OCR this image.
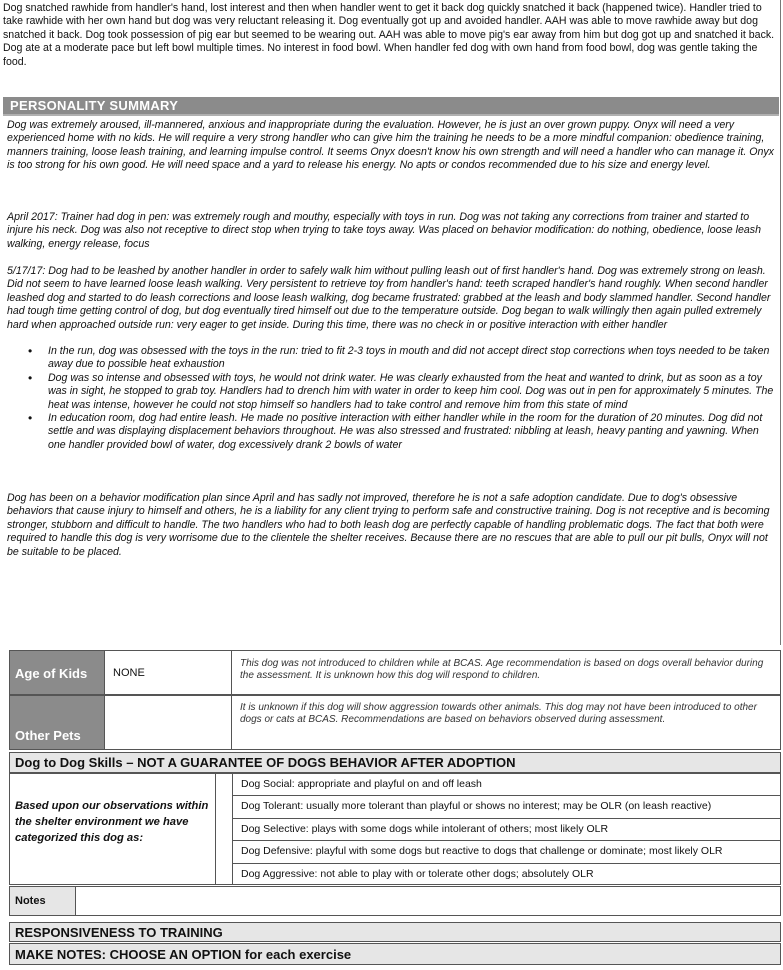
Dog snatched rawhide from handler's hand, lost interest and then when handler went to get it back dog quickly snatched it back (happened twice). Handler tried to take rawhide with her own hand but dog was very reluctant releasing it. Dog eventually got up and avoided handler. AAH was able to move rawhide away but dog snatched it back. Dog took possession of pig ear but seemed to be wearing out. AAH was able to move pig's ear away from him but dog got up and snatched it back. Dog ate at a moderate pace but left bowl multiple times. No interest in food bowl. When handler fed dog with own hand from food bowl, dog was gentle taking the food.
PERSONALITY SUMMARY
Dog was extremely aroused, ill-mannered, anxious and inappropriate during the evaluation. However, he is just an over grown puppy. Onyx will need a very experienced home with no kids. He will require a very strong handler who can give him the training he needs to be a more mindful companion: obedience training, manners training, loose leash training, and learning impulse control. It seems Onyx doesn't know his own strength and will need a handler who can manage it. Onyx is too strong for his own good. He will need space and a yard to release his energy. No apts or condos recommended due to his size and energy level.
April 2017: Trainer had dog in pen: was extremely rough and mouthy, especially with toys in run. Dog was not taking any corrections from trainer and started to injure his neck. Dog was also not receptive to direct stop when trying to take toys away. Was placed on behavior modification: do nothing, obedience, loose leash walking, energy release, focus
5/17/17: Dog had to be leashed by another handler in order to safely walk him without pulling leash out of first handler's hand. Dog was extremely strong on leash. Did not seem to have learned loose leash walking. Very persistent to retrieve toy from handler's hand: teeth scraped handler's hand roughly. When second handler leashed dog and started to do leash corrections and loose leash walking, dog became frustrated: grabbed at the leash and body slammed handler. Second handler had tough time getting control of dog, but dog eventually tired himself out due to the temperature outside. Dog began to walk willingly then again pulled extremely hard when approached outside run: very eager to get inside. During this time, there was no check in or positive interaction with either handler
• In the run, dog was obsessed with the toys in the run: tried to fit 2-3 toys in mouth and did not accept direct stop corrections when toys needed to be taken away due to possible heat exhaustion
• Dog was so intense and obsessed with toys, he would not drink water. He was clearly exhausted from the heat and wanted to drink, but as soon as a toy was in sight, he stopped to grab toy. Handlers had to drench him with water in order to keep him cool. Dog was out in pen for approximately 5 minutes. The heat was intense, however he could not stop himself so handlers had to take control and remove him from this state of mind
• In education room, dog had entire leash. He made no positive interaction with either handler while in the room for the duration of 20 minutes. Dog did not settle and was displaying displacement behaviors throughout. He was also stressed and frustrated: nibbling at leash, heavy panting and yawning. When one handler provided bowl of water, dog excessively drank 2 bowls of water
Dog has been on a behavior modification plan since April and has sadly not improved, therefore he is not a safe adoption candidate. Due to dog's obsessive behaviors that cause injury to himself and others, he is a liability for any client trying to perform safe and constructive training. Dog is not receptive and is becoming stronger, stubborn and difficult to handle. The two handlers who had to both leash dog are perfectly capable of handling problematic dogs. The fact that both were required to handle this dog is very worrisome due to the clientele the shelter receives. Because there are no rescues that are able to pull our pit bulls, Onyx will not be suitable to be placed.
Age of Kids NONE
This dog was not introduced to children while at BCAS. Age recommendation is based on dogs overall behavior during the assessment. It is unknown how this dog will respond to children.
Other Pets
It is unknown if this dog will show aggression towards other animals. This dog may not have been introduced to other dogs or cats at BCAS. Recommendations are based on behaviors observed during assessment.
Dog to Dog Skills – NOT A GUARANTEE OF DOGS BEHAVIOR AFTER ADOPTION
Based upon our observations within the shelter environment we have categorized this dog as:
Dog Social: appropriate and playful on and off leash
Dog Tolerant: usually more tolerant than playful or shows no interest; may be OLR (on leash reactive)
Dog Selective: plays with some dogs while intolerant of others; most likely OLR
Dog Defensive: playful with some dogs but reactive to dogs that challenge or dominate; most likely OLR
Dog Aggressive: not able to play with or tolerate other dogs; absolutely OLR
Notes
RESPONSIVENESS TO TRAINING
MAKE NOTES: CHOOSE AN OPTION for each exercise
